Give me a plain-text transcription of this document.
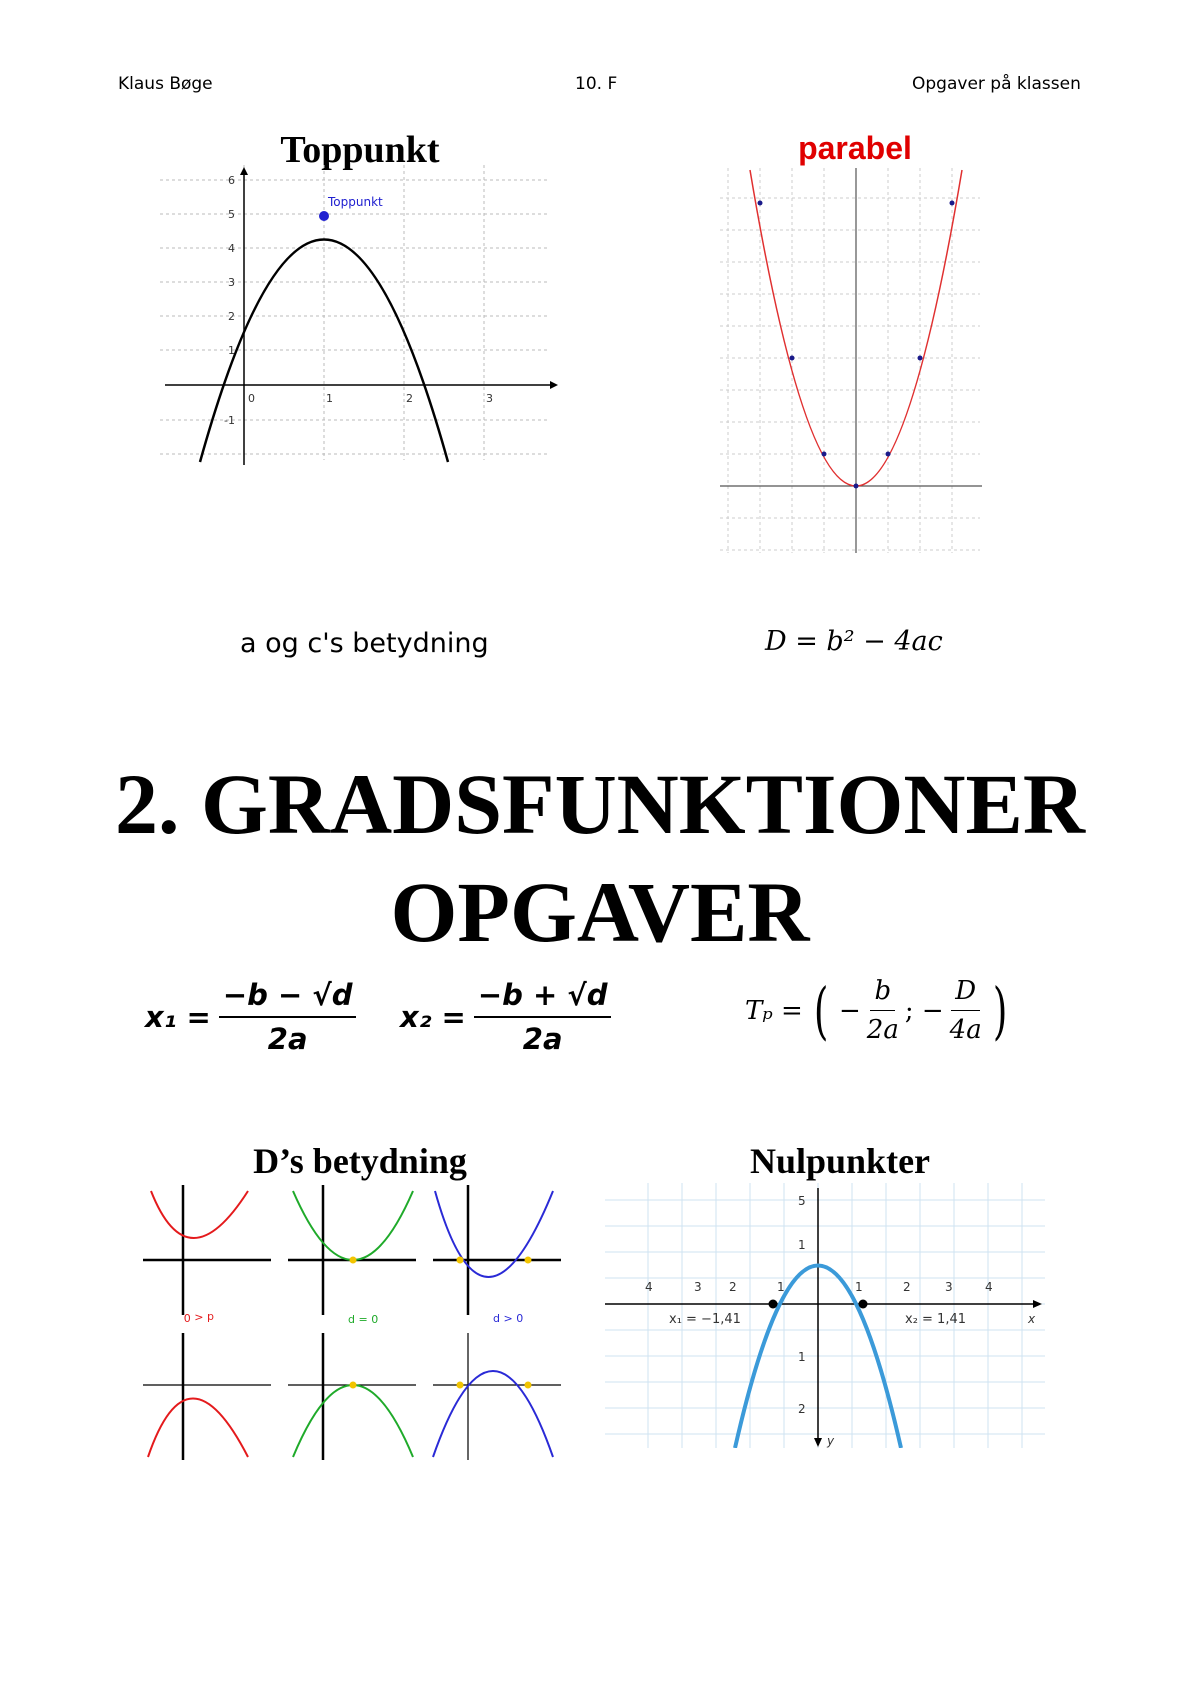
Klaus Bøge	10. F	Opgaver på klassen
Toppunkt
0	1	2	3
6
5
4
3
2
1
-1
Toppunkt
parabel
a og c's betydning	D = b² − 4ac
2. GRADSFUNKTIONER
OPGAVER
$x_1 = \frac{-b - √d}{2a} x_2 = \frac{-b + √d}{2a}$	Tₚ = ( − $\frac{b}{2a}$ ; − $\frac{D}{4a}$ )
D’s betydning
d < 0	d = 0	d > 0
Nulpunkter
4	3 2	1	1	2	3	4
5
1
1
2
x
y
x₁ = −1,41	x₂ = 1,41
